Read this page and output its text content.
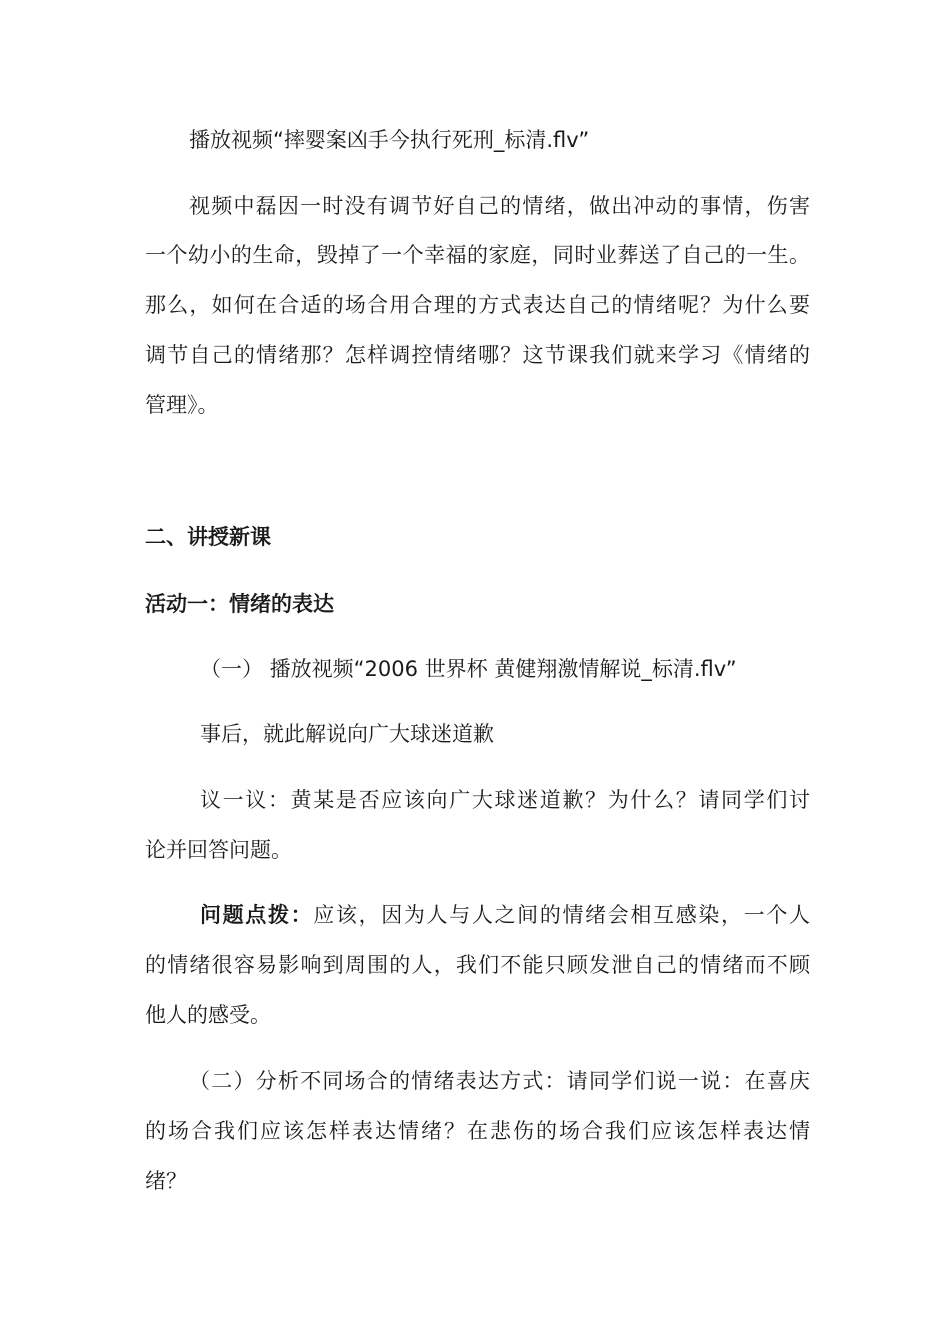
播放视频“摔婴案凶手今执行死刑_标清.flv”
视频中磊因一时没有调节好自己的情绪，做出冲动的事情，伤害
一个幼小的生命，毁掉了一个幸福的家庭，同时业葬送了自己的一生。
那么，如何在合适的场合用合理的方式表达自己的情绪呢？为什么要
调节自己的情绪那？怎样调控情绪哪？这节课我们就来学习《情绪的
管理》。
二、讲授新课
活动一：情绪的表达
（一） 播放视频“2006 世界杯 黄健翔激情解说_标清.flv”
事后，就此解说向广大球迷道歉
议一议：黄某是否应该向广大球迷道歉？为什么？请同学们讨
论并回答问题。
问题点拨：应该，因为人与人之间的情绪会相互感染，一个人
的情绪很容易影响到周围的人，我们不能只顾发泄自己的情绪而不顾
他人的感受。
（二）分析不同场合的情绪表达方式：请同学们说一说：在喜庆
的场合我们应该怎样表达情绪？在悲伤的场合我们应该怎样表达情
绪？
